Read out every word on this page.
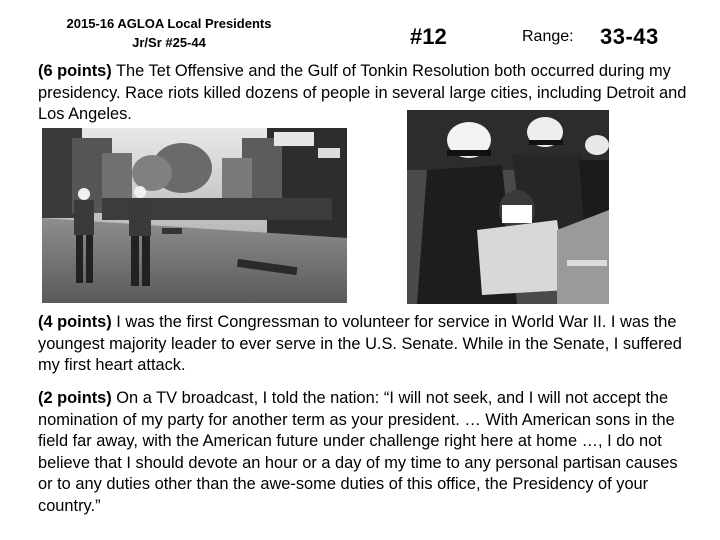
2015-16 AGLOA Local Presidents
Jr/Sr #25-44	#12	Range: 33-43
(6 points) The Tet Offensive and the Gulf of Tonkin Resolution both occurred during my presidency. Race riots killed dozens of people in several large cities, including Detroit and Los Angeles.
(4 points) I was the first Congressman to volunteer for service in World War II. I was the youngest majority leader to ever serve in the U.S. Senate. While in the Senate, I suffered my first heart attack.
(2 points) On a TV broadcast, I told the nation: “I will not seek, and I will not accept the nomination of my party for another term as your president. … With American sons in the field far away, with the American future under challenge right here at home …, I do not believe that I should devote an hour or a day of my time to any personal partisan causes or to any duties other than the awe-some duties of this office, the Presidency of your country.”
